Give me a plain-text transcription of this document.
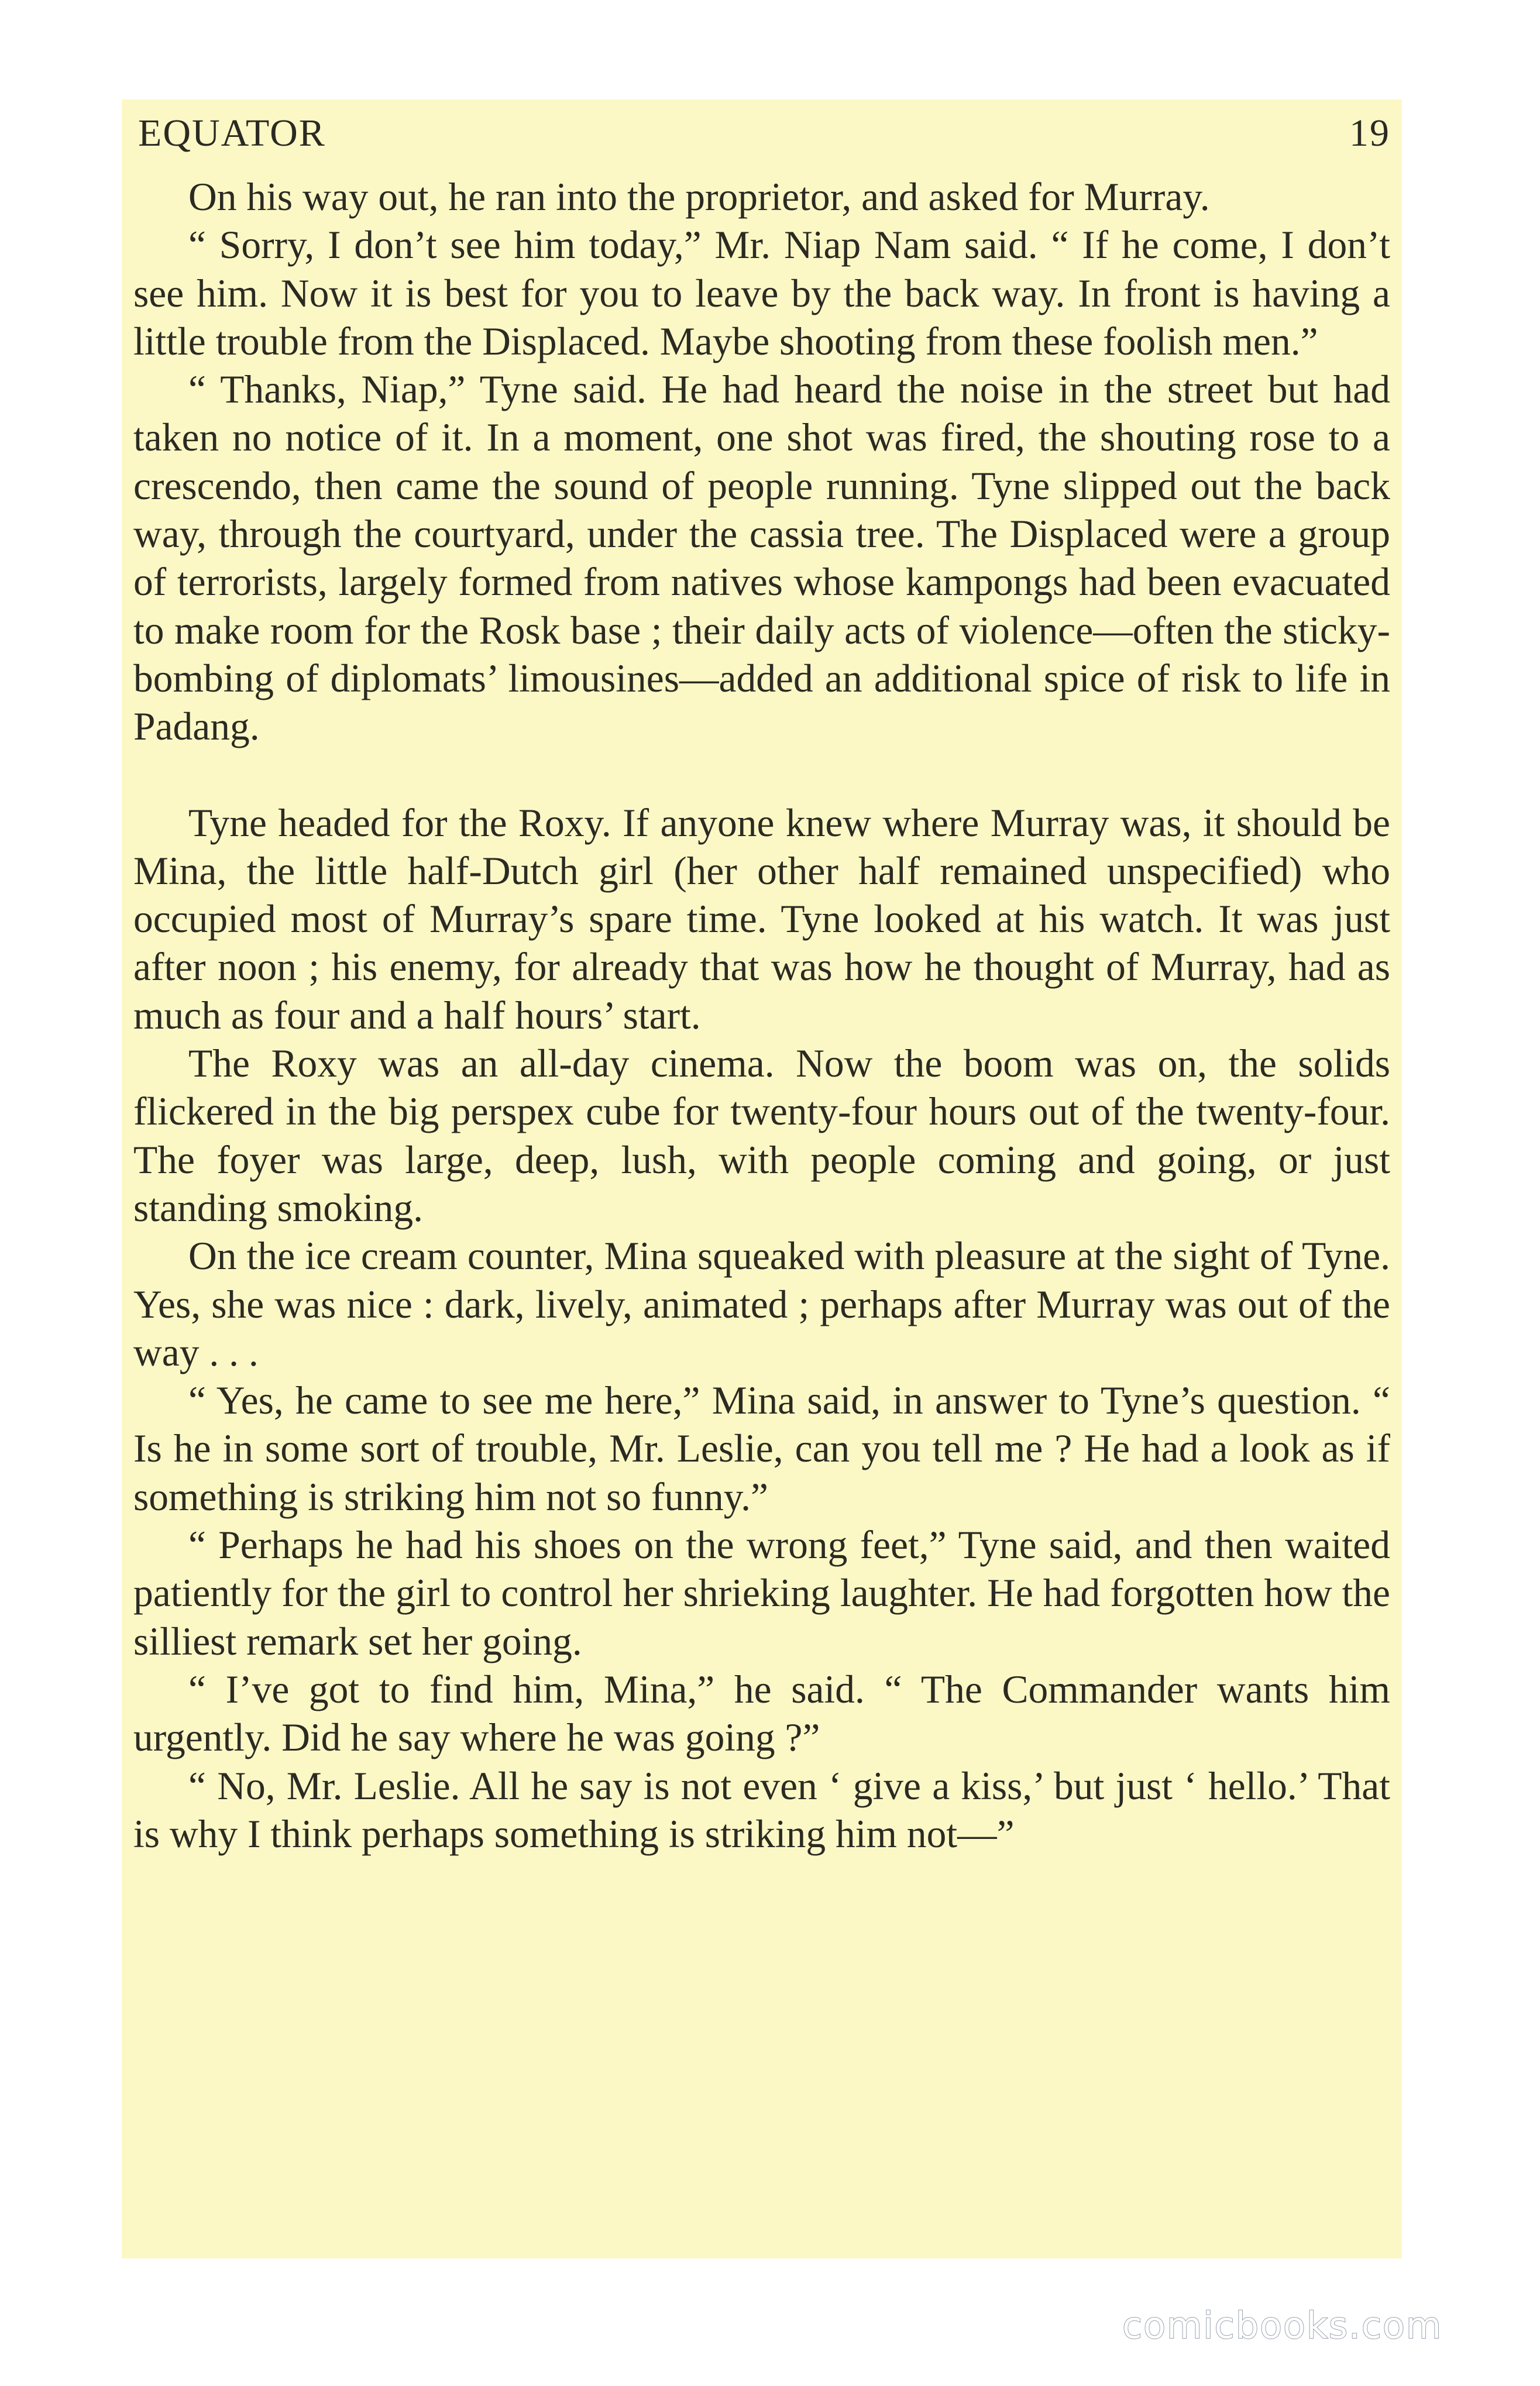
EQUATOR	19

On his way out, he ran into the proprietor, and asked for Murray.

“ Sorry, I don’t see him today,” Mr. Niap Nam said. “ If he come, I don’t see him. Now it is best for you to leave by the back way. In front is having a little trouble from the Displaced. Maybe shooting from these foolish men.”

“ Thanks, Niap,” Tyne said. He had heard the noise in the street but had taken no notice of it. In a moment, one shot was fired, the shouting rose to a crescendo, then came the sound of people running. Tyne slipped out the back way, through the courtyard, under the cassia tree. The Displaced were a group of terrorists, largely formed from natives whose kampongs had been evacuated to make room for the Rosk base ; their daily acts of violence—often the sticky-bombing of diplomats’ limousines—added an additional spice of risk to life in Padang.

Tyne headed for the Roxy. If anyone knew where Murray was, it should be Mina, the little half-Dutch girl (her other half remained unspecified) who occupied most of Murray’s spare time. Tyne looked at his watch. It was just after noon ; his enemy, for already that was how he thought of Murray, had as much as four and a half hours’ start.

The Roxy was an all-day cinema. Now the boom was on, the solids flickered in the big perspex cube for twenty-four hours out of the twenty-four. The foyer was large, deep, lush, with people coming and going, or just standing smoking.

On the ice cream counter, Mina squeaked with pleasure at the sight of Tyne. Yes, she was nice : dark, lively, animated ; perhaps after Murray was out of the way . . .

“ Yes, he came to see me here,” Mina said, in answer to Tyne’s question. “ Is he in some sort of trouble, Mr. Leslie, can you tell me ? He had a look as if something is striking him not so funny.”

“ Perhaps he had his shoes on the wrong feet,” Tyne said, and then waited patiently for the girl to control her shrieking laughter. He had forgotten how the silliest remark set her going.

“ I’ve got to find him, Mina,” he said. “ The Commander wants him urgently. Did he say where he was going ?”

“ No, Mr. Leslie. All he say is not even ‘ give a kiss,’ but just ‘ hello.’ That is why I think perhaps something is striking him not—”

comicbooks.com
